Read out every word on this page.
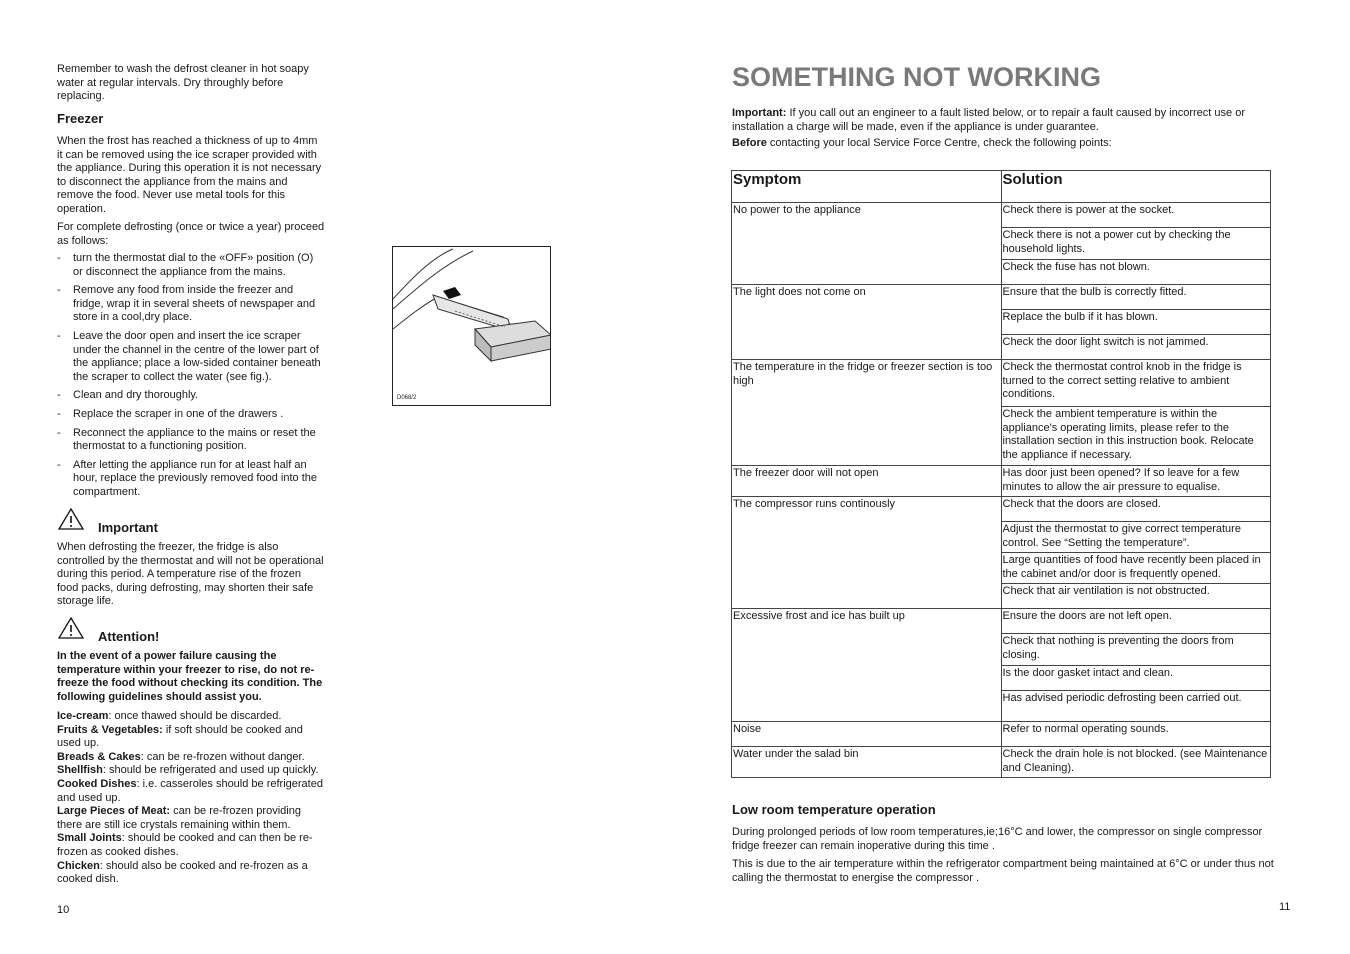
Remember to wash the defrost cleaner in hot soapy water at regular intervals. Dry throughly before replacing.

Freezer

When the frost has reached a thickness of up to 4mm it can be removed using the ice scraper provided with the appliance. During this operation it is not necessary to disconnect the appliance from the mains and remove the food. Never use metal tools for this operation.

For complete defrosting (once or twice a year) proceed as follows:

- turn the thermostat dial to the «OFF» position (O) or disconnect the appliance from the mains.
- Remove any food from inside the freezer and fridge, wrap it in several sheets of newspaper and store in a cool,dry place.
- Leave the door open and insert the ice scraper under the channel in the centre of the lower part of the appliance; place a low-sided container beneath the scraper to collect the water (see fig.).
- Clean and dry thoroughly.
- Replace the scraper in one of the drawers .
- Reconnect the appliance to the mains or reset the thermostat to a functioning position.
- After letting the appliance run for at least half an hour, replace the previously removed food into the compartment.
Important

When defrosting the freezer, the fridge is also controlled by the thermostat and will not be operational during this period. A temperature rise of the frozen food packs, during defrosting, may shorten their safe storage life.

Attention!

In the event of a power failure causing the temperature within your freezer to rise, do not re-freeze the food without checking its condition. The following guidelines should assist you.

Ice-cream: once thawed should be discarded.

Fruits & Vegetables: if soft should be cooked and used up.

Breads & Cakes: can be re-frozen without danger.

Shellfish: should be refrigerated and used up quickly.

Cooked Dishes: i.e. casseroles should be refrigerated and used up.

Large Pieces of Meat: can be re-frozen providing there are still ice crystals remaining within them.

Small Joints: should be cooked and can then be re-frozen as cooked dishes.

Chicken: should also be cooked and re-frozen as a cooked dish.

10
D068/2
SOMETHING NOT WORKING

Important: If you call out an engineer to a fault listed below, or to repair a fault caused by incorrect use or installation a charge will be made, even if the appliance is under guarantee.

Before contacting your local Service Force Centre, check the following points:

Symptom	Solution
No power to the appliance	Check there is power at the socket.
	Check there is not a power cut by checking the household lights.
	Check the fuse has not blown.
The light does not come on	Ensure that the bulb is correctly fitted.
	Replace the bulb if it has blown.
	Check the door light switch is not jammed.
The temperature in the fridge or freezer section is too high	Check the thermostat control knob in the fridge is turned to the correct setting relative to ambient conditions.
	Check the ambient temperature is within the appliance's operating limits, please refer to the installation section in this instruction book. Relocate the appliance if necessary.
The freezer door will not open	Has door just been opened? If so leave for a few minutes to allow the air pressure to equalise.
The compressor runs continously	Check that the doors are closed.
	Adjust the thermostat to give correct temperature control. See “Setting the temperature”.
	Large quantities of food have recently been placed in the cabinet and/or door is frequently opened.
	Check that air ventilation is not obstructed.
Excessive frost and ice has built up	Ensure the doors are not left open.
	Check that nothing is preventing the doors from closing.
	Is the door gasket intact and clean.
	Has advised periodic defrosting been carried out.
Noise	Refer to normal operating sounds.
Water under the salad bin	Check the drain hole is not blocked. (see Maintenance and Cleaning).
Low room temperature operation

During prolonged periods of low room temperatures,ie;16°C and lower, the compressor on single compressor fridge freezer can remain inoperative during this time .

This is due to the air temperature within the refrigerator compartment being maintained at 6°C or under thus not calling the thermostat to energise the compressor .

11
